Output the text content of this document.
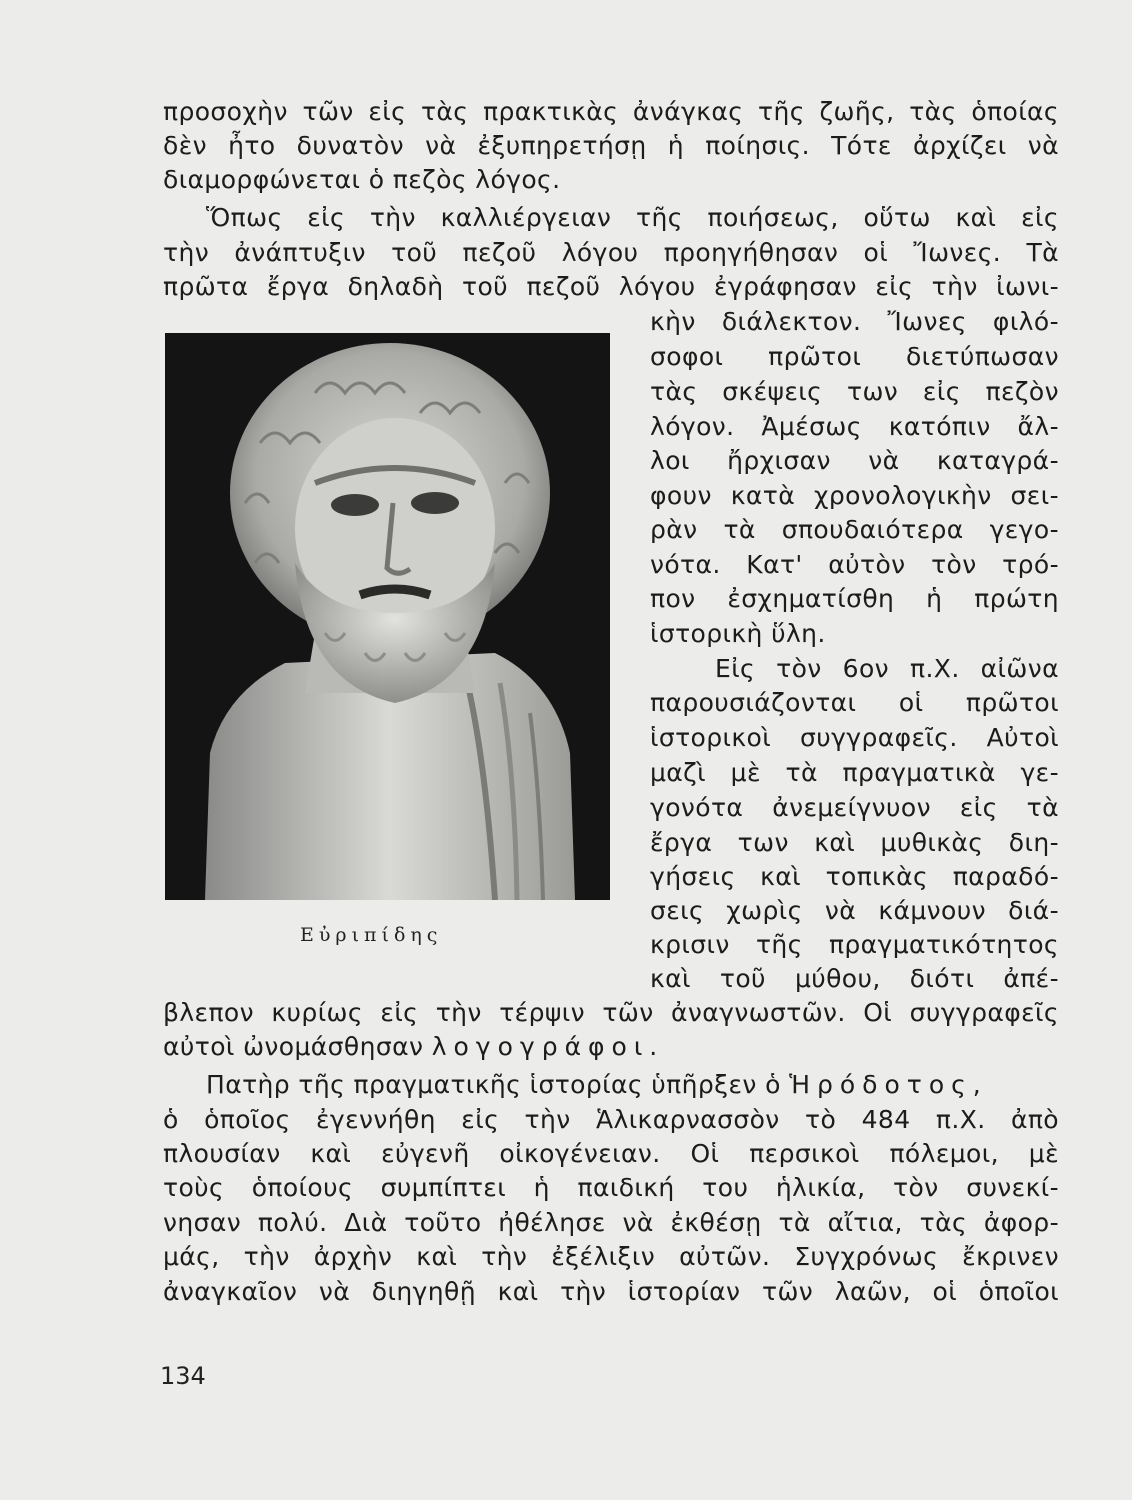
προσοχὴν τῶν εἰς τὰς πρακτικὰς ἀνάγκας τῆς ζωῆς, τὰς ὁποίας
δὲν ἦτο δυνατὸν νὰ ἐξυπηρετήσῃ ἡ ποίησις. Τότε ἀρχίζει νὰ
διαμορφώνεται ὁ πεζὸς λόγος.
Ὅπως εἰς τὴν καλλιέργειαν τῆς ποιήσεως, οὕτω καὶ εἰς
τὴν ἀνάπτυξιν τοῦ πεζοῦ λόγου προηγήθησαν οἱ Ἴωνες. Τὰ
πρῶτα ἔργα δηλαδὴ τοῦ πεζοῦ λόγου ἐγράφησαν εἰς τὴν ἰωνι-
κὴν διάλεκτον. Ἴωνες φιλό-
σοφοι πρῶτοι διετύπωσαν
τὰς σκέψεις των εἰς πεζὸν
λόγον. Ἀμέσως κατόπιν ἄλ-
λοι ἤρχισαν νὰ καταγρά-
φουν κατὰ χρονολογικὴν σει-
ρὰν τὰ σπουδαιότερα γεγο-
νότα. Κατ' αὐτὸν τὸν τρό-
πον ἐσχηματίσθη ἡ πρώτη
ἱστορικὴ ὕλη.
Εἰς τὸν 6ον π.Χ. αἰῶνα
παρουσιάζονται οἱ πρῶτοι
ἱστορικοὶ συγγραφεῖς. Αὐτοὶ
μαζὶ μὲ τὰ πραγματικὰ γε-
γονότα ἀνεμείγνυον εἰς τὰ
ἔργα των καὶ μυθικὰς διη-
γήσεις καὶ τοπικὰς παραδό-
σεις χωρὶς νὰ κάμνουν διά-
κρισιν τῆς πραγματικότητος
καὶ τοῦ μύθου, διότι ἀπέ-
Εὐριπίδης
βλεπον κυρίως εἰς τὴν τέρψιν τῶν ἀναγνωστῶν. Οἱ συγγραφεῖς
αὐτοὶ ὠνομάσθησαν λογογράφοι.
Πατὴρ τῆς πραγματικῆς ἱστορίας ὑπῆρξεν ὁ Ἡρόδοτος,
ὁ ὁποῖος ἐγεννήθη εἰς τὴν Ἁλικαρνασσὸν τὸ 484 π.Χ. ἀπὸ
πλουσίαν καὶ εὐγενῆ οἰκογένειαν. Οἱ περσικοὶ πόλεμοι, μὲ
τοὺς ὁποίους συμπίπτει ἡ παιδική του ἡλικία, τὸν συνεκί-
νησαν πολύ. Διὰ τοῦτο ἠθέλησε νὰ ἐκθέσῃ τὰ αἴτια, τὰς ἀφορ-
μάς, τὴν ἀρχὴν καὶ τὴν ἐξέλιξιν αὐτῶν. Συγχρόνως ἔκρινεν
ἀναγκαῖον νὰ διηγηθῇ καὶ τὴν ἱστορίαν τῶν λαῶν, οἱ ὁποῖοι
134
